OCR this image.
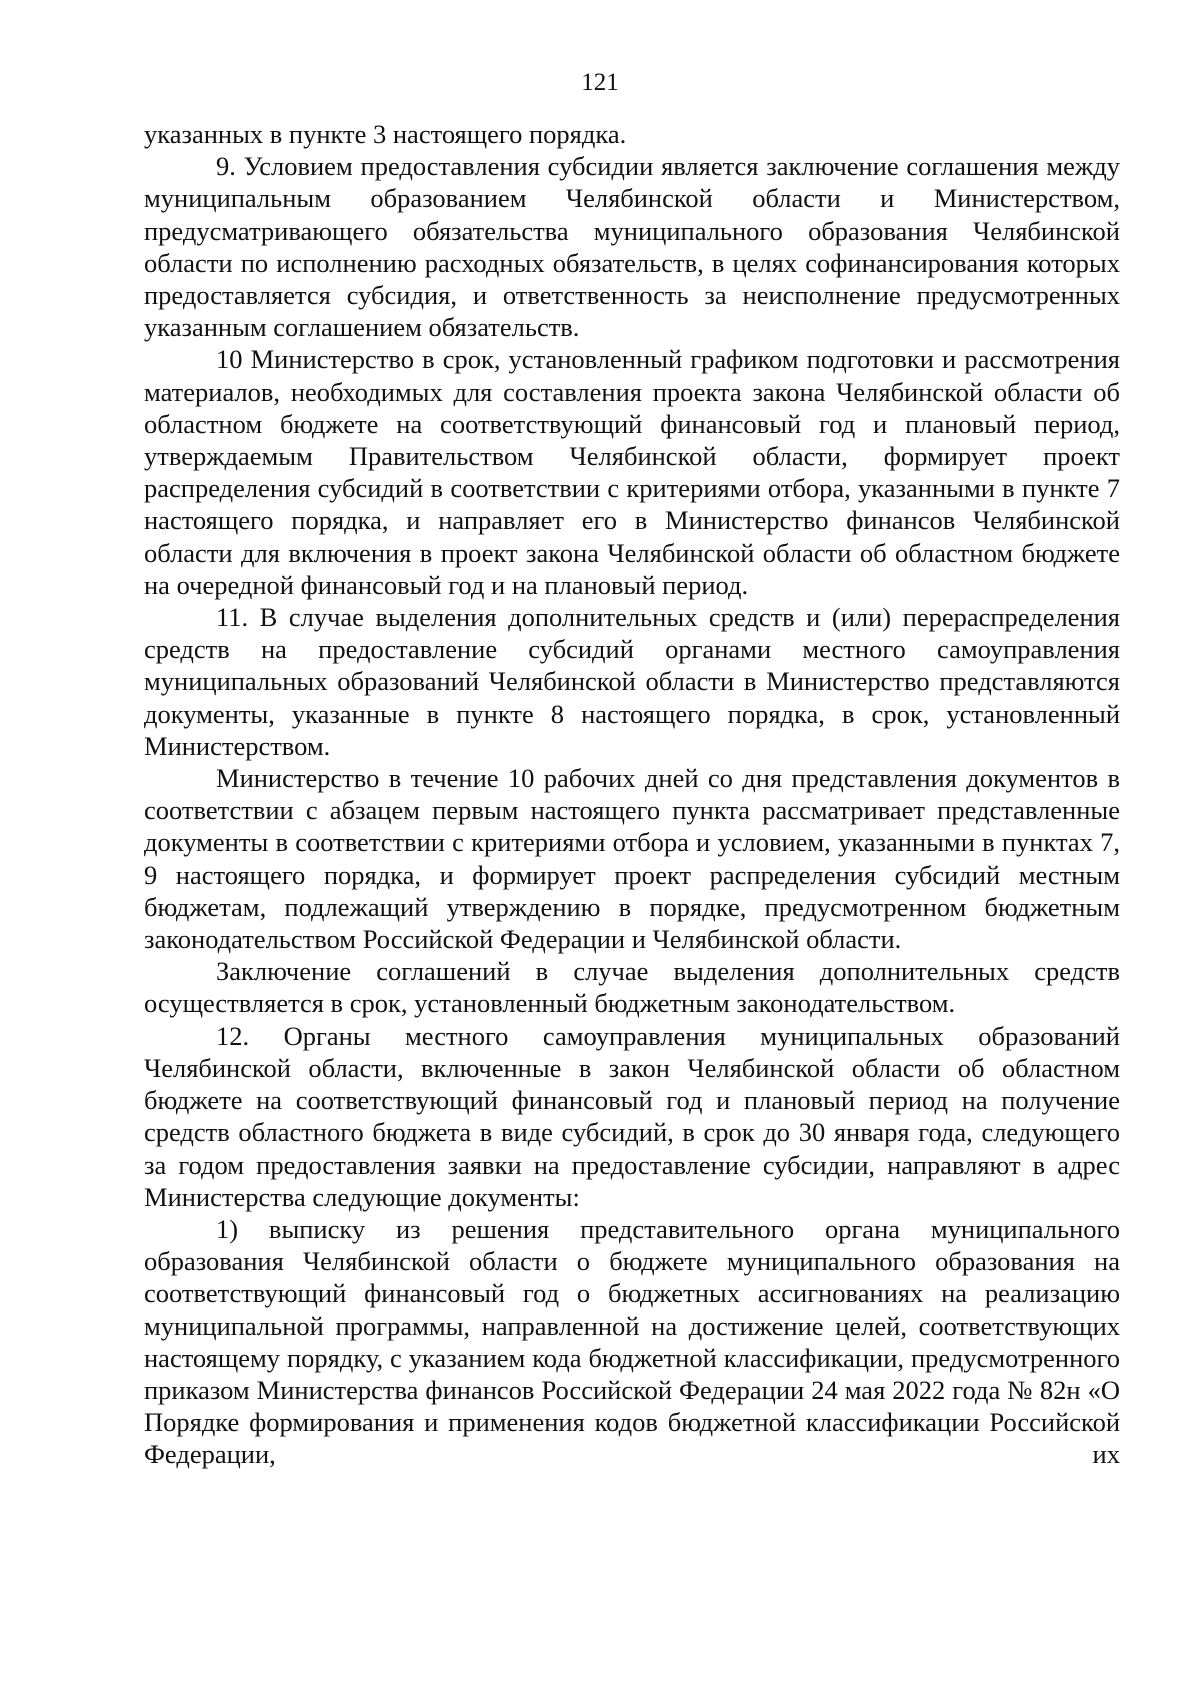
121

указанных в пункте 3 настоящего порядка.

9. Условием предоставления субсидии является заключение соглашения между муниципальным образованием Челябинской области и Министерством, предусматривающего обязательства муниципального образования Челябинской области по исполнению расходных обязательств, в целях софинансирования которых предоставляется субсидия, и ответственность за неисполнение предусмотренных указанным соглашением обязательств.

10 Министерство в срок, установленный графиком подготовки и рассмотрения материалов, необходимых для составления проекта закона Челябинской области об областном бюджете на соответствующий финансовый год и плановый период, утверждаемым Правительством Челябинской области, формирует проект распределения субсидий в соответствии с критериями отбора, указанными в пункте 7 настоящего порядка, и направляет его в Министерство финансов Челябинской области для включения в проект закона Челябинской области об областном бюджете на очередной финансовый год и на плановый период.

11. В случае выделения дополнительных средств и (или) перераспределения средств на предоставление субсидий органами местного самоуправления муниципальных образований Челябинской области в Министерство представляются документы, указанные в пункте 8 настоящего порядка, в срок, установленный Министерством.

Министерство в течение 10 рабочих дней со дня представления документов в соответствии с абзацем первым настоящего пункта рассматривает представленные документы в соответствии с критериями отбора и условием, указанными в пунктах 7, 9 настоящего порядка, и формирует проект распределения субсидий местным бюджетам, подлежащий утверждению в порядке, предусмотренном бюджетным законодательством Российской Федерации и Челябинской области.

Заключение соглашений в случае выделения дополнительных средств осуществляется в срок, установленный бюджетным законодательством.

12. Органы местного самоуправления муниципальных образований Челябинской области, включенные в закон Челябинской области об областном бюджете на соответствующий финансовый год и плановый период на получение средств областного бюджета в виде субсидий, в срок до 30 января года, следующего за годом предоставления заявки на предоставление субсидии, направляют в адрес Министерства следующие документы:

1) выписку из решения представительного органа муниципального образования Челябинской области о бюджете муниципального образования на соответствующий финансовый год о бюджетных ассигнованиях на реализацию муниципальной программы, направленной на достижение целей, соответствующих настоящему порядку, с указанием кода бюджетной классификации, предусмотренного приказом Министерства финансов Российской Федерации 24 мая 2022 года № 82н «О Порядке формирования и применения кодов бюджетной классификации Российской Федерации, их
